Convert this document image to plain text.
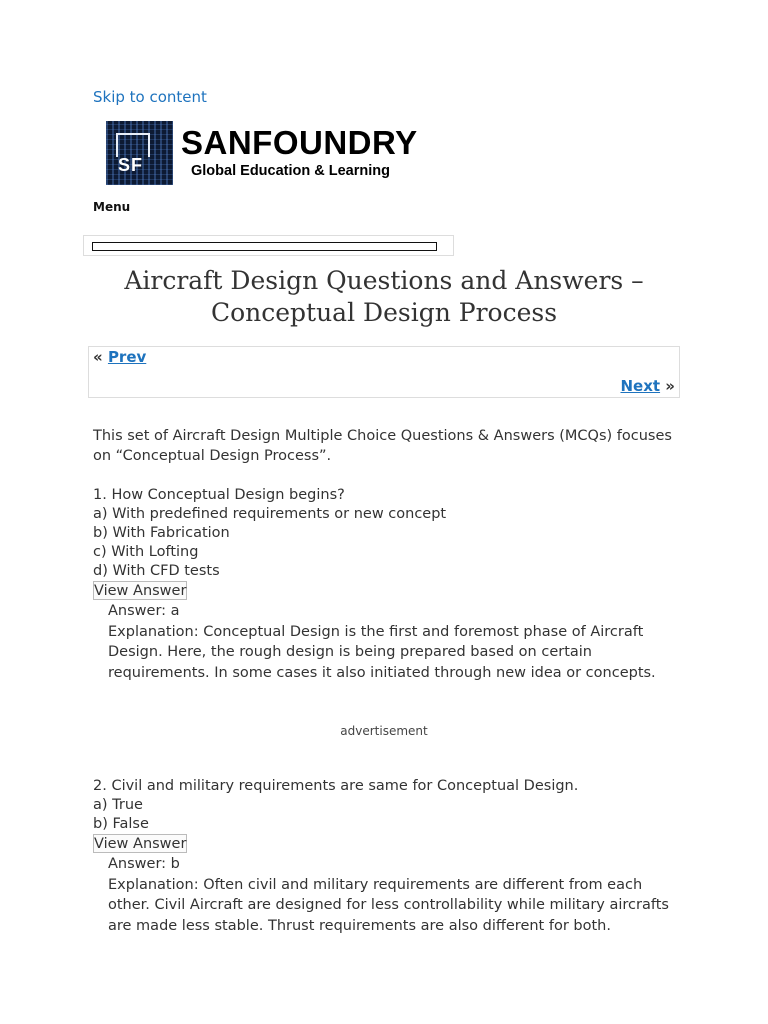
Skip to content
SF
SANFOUNDRY
Global Education & Learning
Menu
Aircraft Design Questions and Answers – Conceptual Design Process
« Prev
Next »

This set of Aircraft Design Multiple Choice Questions & Answers (MCQs) focuses on “Conceptual Design Process”.

1. How Conceptual Design begins?

a) With predefined requirements or new concept

b) With Fabrication

c) With Lofting

d) With CFD tests

View Answer

Answer: a

Explanation: Conceptual Design is the first and foremost phase of Aircraft Design. Here, the rough design is being prepared based on certain requirements. In some cases it also initiated through new idea or concepts.

advertisement

2. Civil and military requirements are same for Conceptual Design.

a) True

b) False

View Answer

Answer: b

Explanation: Often civil and military requirements are different from each other. Civil Aircraft are designed for less controllability while military aircrafts are made less stable. Thrust requirements are also different for both.
